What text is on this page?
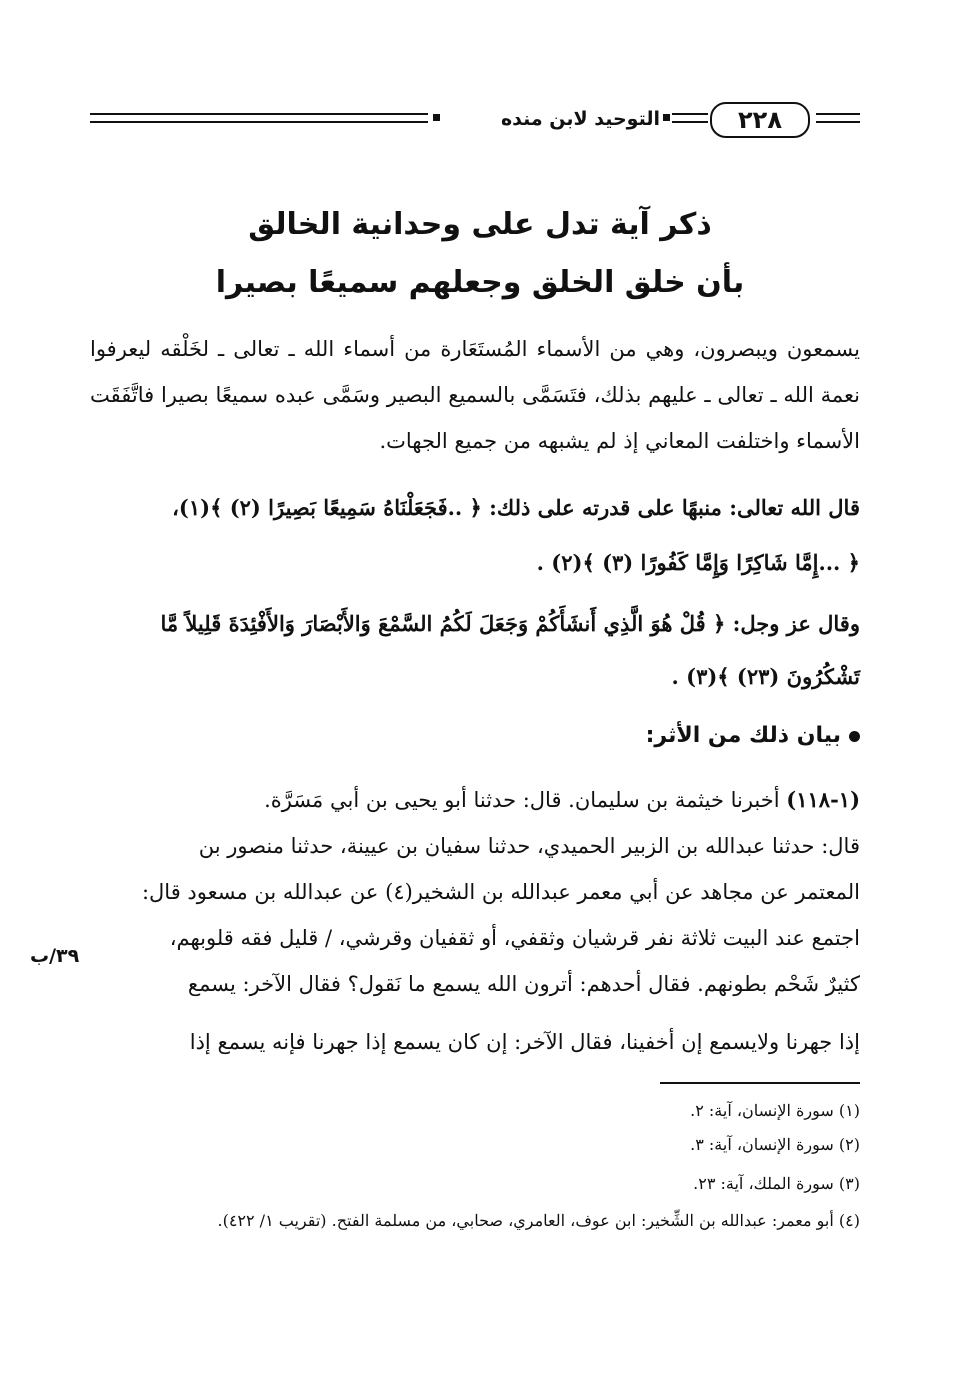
٢٢٨
التوحيد لابن منده
ذكر آية تدل على وحدانية الخالق
بأن خلق الخلق وجعلهم سميعًا بصيرا
يسمعون ويبصرون، وهي من الأسماء المُستَعَارة من أسماء الله ـ تعالى ـ لخَلْقه ليعرفوا نعمة الله ـ تعالى ـ عليهم بذلك، فتَسَمَّى بالسميع البصير وسَمَّى عبده سميعًا بصيرا فاتَّفَقَت الأسماء واختلفت المعاني إذ لم يشبهه من جميع الجهات.
قال الله تعالى: منبهًا على قدرته على ذلك: ﴿ ..فَجَعَلْنَاهُ سَمِيعًا بَصِيرًا (٢) ﴾(١)،
﴿ ...إِمَّا شَاكِرًا وَإِمَّا كَفُورًا (٣) ﴾(٢) .
وقال عز وجل: ﴿ قُلْ هُوَ الَّذِي أَنشَأَكُمْ وَجَعَلَ لَكُمُ السَّمْعَ وَالأَبْصَارَ وَالأَفْئِدَةَ قَلِيلاً مَّا
تَشْكُرُونَ (٢٣) ﴾(٣) .
بيان ذلك من الأثر:
(١-١١٨) أخبرنا خيثمة بن سليمان. قال: حدثنا أبو يحيى بن أبي مَسَرَّة.
قال: حدثنا عبدالله بن الزبير الحميدي، حدثنا سفيان بن عيينة، حدثنا منصور بن
المعتمر عن مجاهد عن أبي معمر عبدالله بن الشخير(٤) عن عبدالله بن مسعود قال:
اجتمع عند البيت ثلاثة نفر قرشيان وثقفي، أو ثقفيان وقرشي، / قليل فقه قلوبهم،
٣٩/ب
كثيرٌ شَحْم بطونهم. فقال أحدهم: أترون الله يسمع ما نَقول؟ فقال الآخر: يسمع
إذا جهرنا ولايسمع إن أخفينا، فقال الآخر: إن كان يسمع إذا جهرنا فإنه يسمع إذا
(١) سورة الإنسان، آية: ٢.
(٢) سورة الإنسان، آية: ٣.
(٣) سورة الملك، آية: ٢٣.
(٤) أبو معمر: عبدالله بن الشِّخير: ابن عوف، العامري، صحابي، من مسلمة الفتح. (تقريب ١/ ٤٢٢).
